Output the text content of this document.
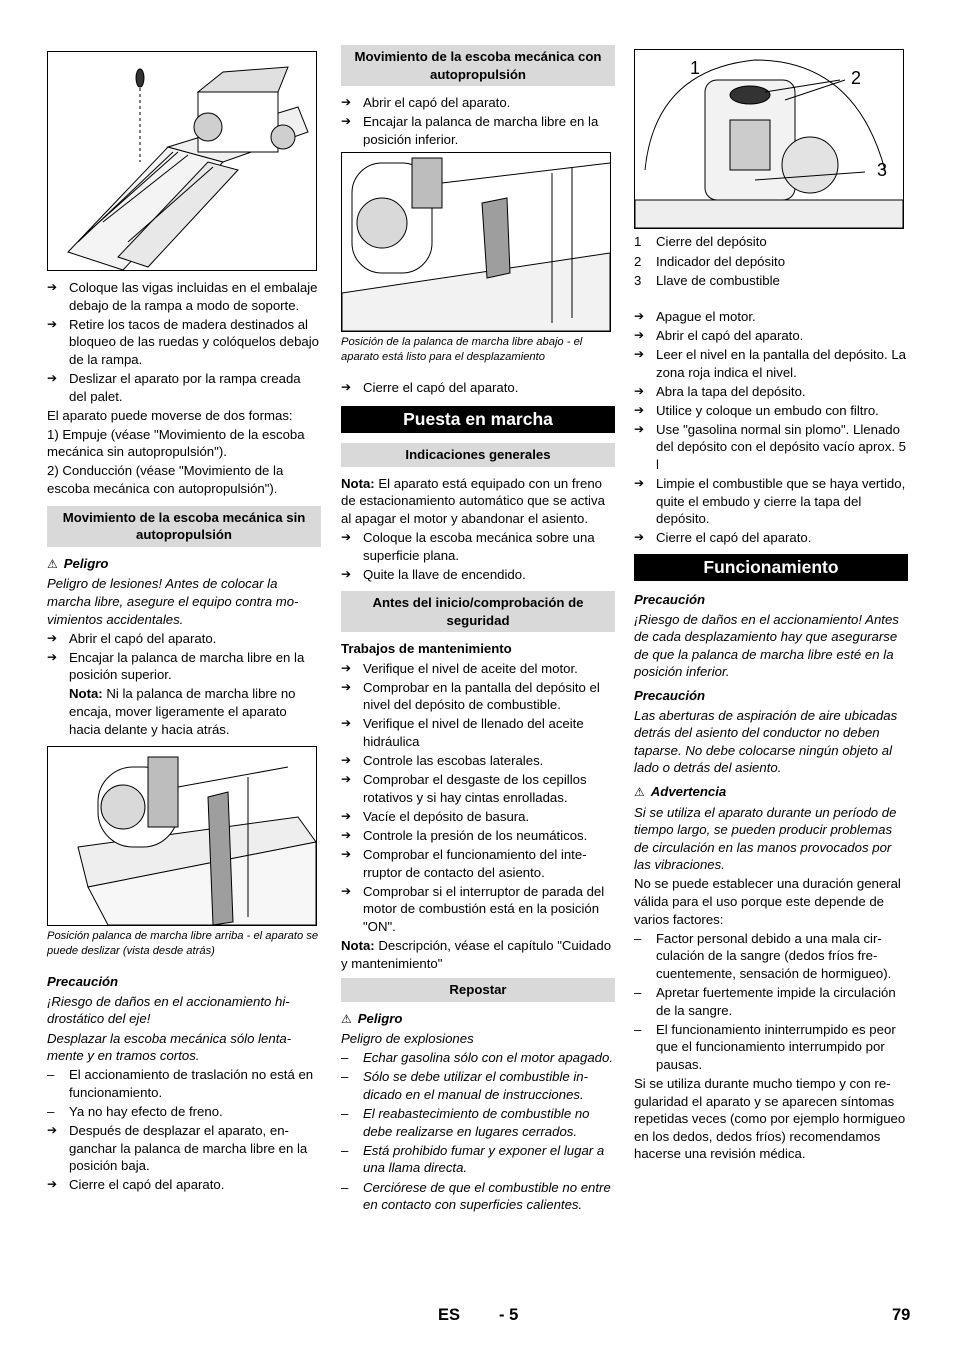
➔ Coloque las vigas incluidas en el embalaje debajo de la rampa a modo de soporte.

➔ Retire los tacos de madera destinados al bloqueo de las ruedas y colóquelos debajo de la rampa.

➔ Deslizar el aparato por la rampa creada del palet.

El aparato puede moverse de dos formas:

1) Empuje (véase "Movimiento de la escoba mecánica sin autopropulsión").

2) Conducción (véase "Movimiento de la escoba mecánica con autopropulsión").

Movimiento de la escoba mecánica sin autopropulsión
⚠ Peligro

Peligro de lesiones! Antes de colocar la marcha libre, asegure el equipo contra movimientos accidentales.

➔ Abrir el capó del aparato.

➔ Encajar la palanca de marcha libre en la posición superior.

Nota: Ni la palanca de marcha libre no encaja, mover ligeramente el aparato hacia delante y hacia atrás.

Posición palanca de marcha libre arriba - el aparato se puede deslizar (vista desde atrás)

Precaución

¡Riesgo de daños en el accionamiento hidrostático del eje!

Desplazar la escoba mecánica sólo lentamente y en tramos cortos.

– El accionamiento de traslación no está en funcionamiento.

– Ya no hay efecto de freno.

➔ Después de desplazar el aparato, enganchar la palanca de marcha libre en la posición baja.

➔ Cierre el capó del aparato.

Movimiento de la escoba mecánica con autopropulsión

➔ Abrir el capó del aparato.

➔ Encajar la palanca de marcha libre en la posición inferior.

Posición de la palanca de marcha libre abajo - el aparato está listo para el desplazamiento

➔ Cierre el capó del aparato.

Puesta en marcha
Indicaciones generales

Nota: El aparato está equipado con un freno de estacionamiento automático que se activa al apagar el motor y abandonar el asiento.

➔ Coloque la escoba mecánica sobre una superficie plana.

➔ Quite la llave de encendido.

Antes del inicio/comprobación de seguridad

Trabajos de mantenimiento

➔ Verifique el nivel de aceite del motor.

➔ Comprobar en la pantalla del depósito el nivel del depósito de combustible.

➔ Verifique el nivel de llenado del aceite hidráulica

➔ Controle las escobas laterales.

➔ Comprobar el desgaste de los cepillos rotativos y si hay cintas enrolladas.

➔ Vacíe el depósito de basura.

➔ Controle la presión de los neumáticos.

➔ Comprobar el funcionamiento del interruptor de contacto del asiento.

➔ Comprobar si el interruptor de parada del motor de combustión está en la posición "ON".

Nota: Descripción, véase el capítulo "Cuidado y mantenimiento"

Repostar
⚠ Peligro

Peligro de explosiones

– Echar gasolina sólo con el motor apagado.

– Sólo se debe utilizar el combustible indicado en el manual de instrucciones.

– El reabastecimiento de combustible no debe realizarse en lugares cerrados.

– Está prohibido fumar y exponer el lugar a una llama directa.

– Cerciórese de que el combustible no entre en contacto con superficies calientes.

1	2
3
1	Cierre del depósito
2	Indicador del depósito
3	Llave de combustible

➔ Apague el motor.

➔ Abrir el capó del aparato.

➔ Leer el nivel en la pantalla del depósito. La zona roja indica el nivel.

➔ Abra la tapa del depósito.

➔ Utilice y coloque un embudo con filtro.

➔ Use "gasolina normal sin plomo". Llenado del depósito con el depósito vacío aprox. 5 l

➔ Limpie el combustible que se haya vertido, quite el embudo y cierre la tapa del depósito.

➔ Cierre el capó del aparato.

Funcionamiento
Precaución

¡Riesgo de daños en el accionamiento! Antes de cada desplazamiento hay que asegurarse de que la palanca de marcha libre esté en la posición inferior.

Precaución

Las aberturas de aspiración de aire ubicadas detrás del asiento del conductor no deben taparse. No debe colocarse ningún objeto al lado o detrás del asiento.

⚠ Advertencia

Si se utiliza el aparato durante un período de tiempo largo, se pueden producir problemas de circulación en las manos provocados por las vibraciones.

No se puede establecer una duración general válida para el uso porque este depende de varios factores:

– Factor personal debido a una mala circulación de la sangre (dedos fríos frecuentemente, sensación de hormigueo).

– Apretar fuertemente impide la circulación de la sangre.

– El funcionamiento ininterrumpido es peor que el funcionamiento interrumpido por pausas.

Si se utiliza durante mucho tiempo y con regularidad el aparato y se aparecen síntomas repetidas veces (como por ejemplo hormigueo en los dedos, dedos fríos) recomendamos hacerse una revisión médica.

ES - 5	79
